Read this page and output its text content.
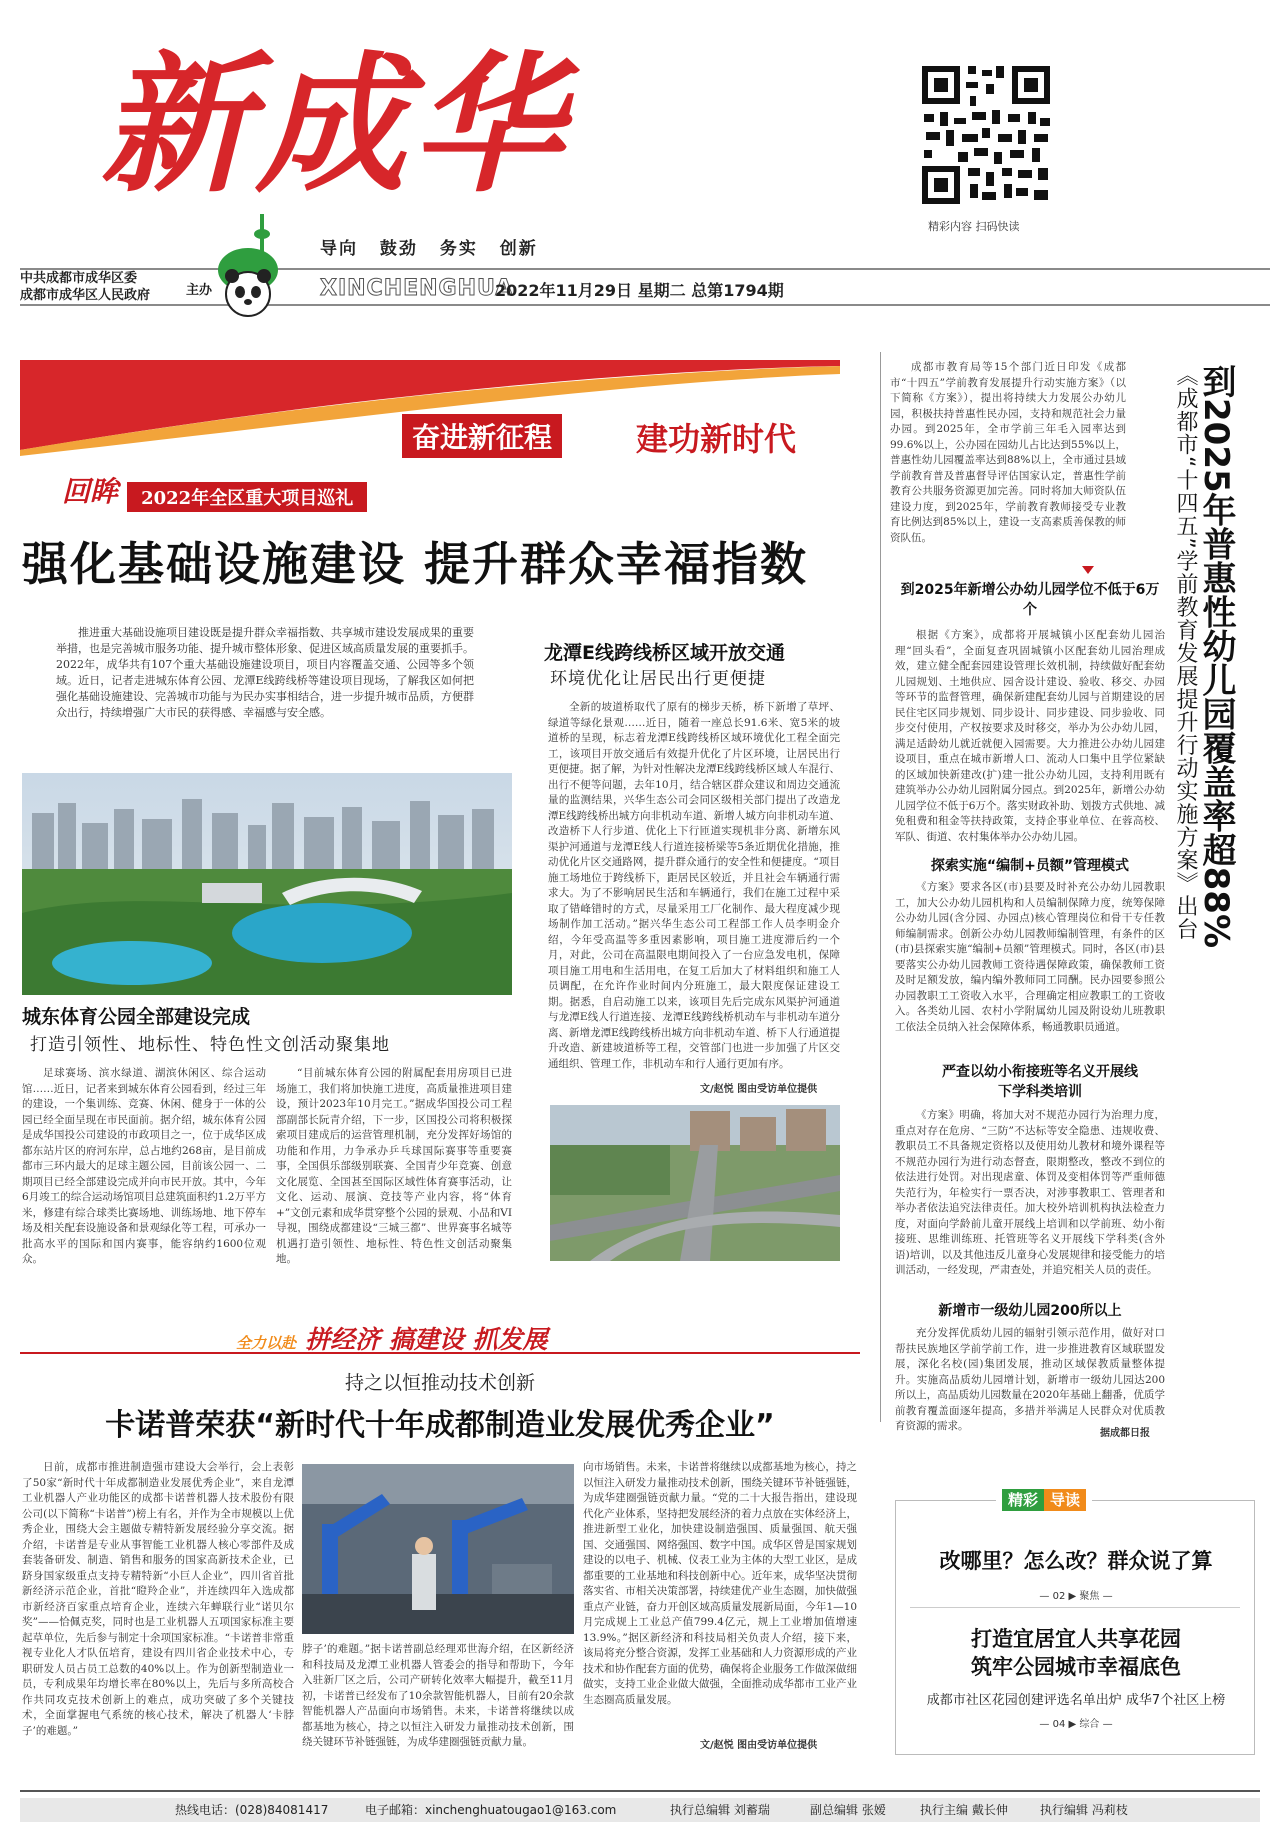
新成华
导向 鼓劲 务实 创新
精彩内容 扫码快读
中共成都市成华区委
成都市成华区人民政府	主办	XINCHENGHUA
2022年11月29日 星期二 总第1794期
奋进新征程	建功新时代
回眸 2022年全区重大项目巡礼
强化基础设施建设 提升群众幸福指数
推进重大基础设施项目建设既是提升群众幸福指数、共享城市建设发展成果的重要举措，也是完善城市服务功能、提升城市整体形象、促进区域高质量发展的重要抓手。2022年，成华共有107个重大基础设施建设项目，项目内容覆盖交通、公园等多个领域。近日，记者走进城东体育公园、龙潭E线跨线桥等建设项目现场，了解我区如何把强化基础设施建设、完善城市功能与为民办实事相结合，进一步提升城市品质，方便群众出行，持续增强广大市民的获得感、幸福感与安全感。
城东体育公园全部建设完成
打造引领性、地标性、特色性文创活动聚集地
足球赛场、滨水绿道、湖滨休闲区、综合运动馆……近日，记者来到城东体育公园看到，经过三年的建设，一个集训练、竞赛、休闲、健身于一体的公园已经全面呈现在市民面前。据介绍，城东体育公园是成华国投公司建设的市政项目之一，位于成华区成都东站片区的府河东岸，总占地约268亩，是目前成都市三环内最大的足球主题公园，目前该公园一、二期项目已经全部建设完成并向市民开放。其中，今年6月竣工的综合运动场馆项目总建筑面积约1.2万平方米，修建有综合球类比赛场地、训练场地、地下停车场及相关配套设施设备和景观绿化等工程，可承办一批高水平的国际和国内赛事，能容纳约1600位观众。
“目前城东体育公园的附属配套用房项目已进场施工，我们将加快施工进度，高质量推进项目建设，预计2023年10月完工。”据成华国投公司工程部副部长阮青介绍，下一步，区国投公司将积极探索项目建成后的运营管理机制，充分发挥好场馆的功能和作用，力争承办乒乓球国际赛事等重要赛事，全国俱乐部级别联赛、全国青少年竞赛、创意文化展览、全国甚至国际区域性体育赛事活动，让文化、运动、展演、竞技等产业内容，将“体育+”文创元素和成华贯穿整个公园的景观、小品和VI导视，围绕成都建设“三城三都”、世界赛事名城等机遇打造引领性、地标性、特色性文创活动聚集地。
龙潭E线跨线桥区域开放交通
环境优化让居民出行更便捷
全新的坡道桥取代了原有的梯步天桥，桥下新增了草坪、绿道等绿化景观……近日，随着一座总长91.6米、宽5米的坡道桥的呈现，标志着龙潭E线跨线桥区域环境优化工程全面完工，该项目开放交通后有效提升优化了片区环境，让居民出行更便捷。据了解，为针对性解决龙潭E线跨线桥区域人车混行、出行不便等问题，去年10月，结合辖区群众建议和周边交通流量的监测结果，兴华生态公司会同区级相关部门提出了改造龙潭E线跨线桥出城方向非机动车道、新增人城方向非机动车道、改造桥下人行步道、优化上下行匝道实现机非分离、新增东风渠护河通道与龙潭E线人行道连接桥梁等5条近期优化措施，推动优化片区交通路网，提升群众通行的安全性和便捷度。“项目施工场地位于跨线桥下，距居民区较近，并且社会车辆通行需求大。为了不影响居民生活和车辆通行，我们在施工过程中采取了错峰错时的方式，尽量采用工厂化制作、最大程度减少现场制作加工活动。”据兴华生态公司工程部工作人员李明金介绍，今年受高温等多重因素影响，项目施工进度滞后约一个月，对此，公司在高温限电期间投入了一台应急发电机，保障项目施工用电和生活用电，在复工后加大了材料组织和施工人员调配，在允许作业时间内分班施工，最大限度保证建设工期。据悉，自启动施工以来，该项目先后完成东风渠护河通道与龙潭E线人行道连接、龙潭E线跨线桥机动车与非机动车道分离、新增龙潭E线跨线桥出城方向非机动车道、桥下人行通道提升改造、新建坡道桥等工程，交管部门也进一步加强了片区交通组织、管理工作，非机动车和行人通行更加有序。
文/赵悦 图由受访单位提供
成都市教育局等15个部门近日印发《成都市“十四五”学前教育发展提升行动实施方案》（以下简称《方案》），提出将持续大力发展公办幼儿园，积极扶持普惠性民办园，支持和规范社会力量办园。到2025年，全市学前三年毛入园率达到99.6%以上，公办园在园幼儿占比达到55%以上，普惠性幼儿园覆盖率达到88%以上，全市通过县域学前教育普及普惠督导评估国家认定，普惠性学前教育公共服务资源更加完善。同时将加大师资队伍建设力度，到2025年，学前教育教师接受专业教育比例达到85%以上，建设一支高素质善保教的师资队伍。	《成都市“十四五”学前教育发展提升行动实施方案》出台
到2025年普惠性幼儿园覆盖率超88%
到2025年新增公办幼儿园学位不低于6万个
根据《方案》，成都将开展城镇小区配套幼儿园治理“回头看”，全面复查巩固城镇小区配套幼儿园治理成效，建立健全配套园建设管理长效机制，持续做好配套幼儿园规划、土地供应、园舍设计建设、验收、移交、办园等环节的监督管理，确保新建配套幼儿园与首期建设的居民住宅区同步规划、同步设计、同步建设、同步验收、同步交付使用，产权按要求及时移交，举办为公办幼儿园，满足适龄幼儿就近就便入园需要。大力推进公办幼儿园建设项目，重点在城市新增人口、流动人口集中且学位紧缺的区域加快新建改(扩)建一批公办幼儿园，支持利用既有建筑举办公办幼儿园附属分园点。到2025年，新增公办幼儿园学位不低于6万个。落实财政补助、划拨方式供地、减免租费和租金等扶持政策，支持企事业单位、在蓉高校、军队、街道、农村集体举办公办幼儿园。
探索实施“编制+员额”管理模式
《方案》要求各区(市)县要及时补充公办幼儿园教职工，加大公办幼儿园机构和人员编制保障力度，统筹保障公办幼儿园(含分园、办园点)核心管理岗位和骨干专任教师编制需求。创新公办幼儿园教师编制管理，有条件的区(市)县探索实施“编制+员额”管理模式。同时，各区(市)县要落实公办幼儿园教师工资待遇保障政策，确保教师工资及时足额发放，编内编外教师同工同酬。民办园要参照公办园教职工工资收入水平，合理确定相应教职工的工资收入。各类幼儿园、农村小学附属幼儿园及附设幼儿班教职工依法全员纳入社会保障体系，畅通教职员通道。
严查以幼小衔接班等名义开展线下学科类培训
《方案》明确，将加大对不规范办园行为治理力度，重点对存在危房、“三防”不达标等安全隐患、违规收费、教职员工不具备规定资格以及使用幼儿教材和境外课程等不规范办园行为进行动态督查，限期整改，整改不到位的依法进行处罚。对出现虐童、体罚及变相体罚等严重师德失范行为，年检实行一票否决，对涉事教职工、管理者和举办者依法追究法律责任。加大校外培训机构执法检查力度，对面向学龄前儿童开展线上培训和以学前班、幼小衔接班、思维训练班、托管班等名义开展线下学科类(含外语)培训，以及其他违反儿童身心发展规律和接受能力的培训活动，一经发现，严肃查处，并追究相关人员的责任。
新增市一级幼儿园200所以上
充分发挥优质幼儿园的辐射引领示范作用，做好对口帮扶民族地区学前学前工作，进一步推进教育区域联盟发展，深化名校(园)集团发展，推动区域保教质量整体提升。实施高品质幼儿园增计划，新增市一级幼儿园达200所以上，高品质幼儿园数量在2020年基础上翻番，优质学前教育覆盖面逐年提高，多措并举满足人民群众对优质教育资源的需求。
据成都日报
精彩 导读
改哪里？怎么改？群众说了算
— 02 ▶ 聚焦 —
打造宜居宜人共享花园
筑牢公园城市幸福底色
成都市社区花园创建评选名单出炉 成华7个社区上榜
— 04 ▶ 综合 —
全力以赴 拼经济 搞建设 抓发展
持之以恒推动技术创新
卡诺普荣获“新时代十年成都制造业发展优秀企业”
日前，成都市推进制造强市建设大会举行，会上表彰了50家“新时代十年成都制造业发展优秀企业”，来自龙潭工业机器人产业功能区的成都卡诺普机器人技术股份有限公司(以下简称“卡诺普”)榜上有名，并作为全市规模以上优秀企业，围绕大会主题做专精特新发展经验分享交流。据介绍，卡诺普是专业从事智能工业机器人核心零部件及成套装备研发、制造、销售和服务的国家高新技术企业，已跻身国家级重点支持专精特新“小巨人企业”，四川省首批新经济示范企业，首批“瞪羚企业”，并连续四年入选成都市新经济百家重点培育企业，连续六年蝉联行业“诺贝尔奖”——恰佩克奖，同时也是工业机器人五项国家标准主要起草单位，先后参与制定十余项国家标准。“卡诺普非常重视专业化人才队伍培育，建设有四川省企业技术中心，专职研发人员占员工总数的40%以上。作为创新型制造业一员，专利成果年均增长率在80%以上，先后与多所高校合作共同攻克技术创新上的难点，成功突破了多个关键技术，全面掌握电气系统的核心技术，解决了机器人‘卡脖子’的难题。”
脖子’的难题。”据卡诺普副总经理邓世海介绍，在区新经济和科技局及龙潭工业机器人管委会的指导和帮助下，今年入驻新厂区之后，公司产研转化效率大幅提升，截至11月初，卡诺普已经发布了10余款智能机器人，目前有20余款智能机器人产品面向市场销售。未来，卡诺普将继续以成都基地为核心，持之以恒注入研发力量推动技术创新，围绕关键环节补链强链，为成华建圈强链贡献力量。
向市场销售。未来，卡诺普将继续以成都基地为核心，持之以恒注入研发力量推动技术创新，围绕关键环节补链强链，为成华建圈强链贡献力量。“党的二十大报告指出，建设现代化产业体系，坚持把发展经济的着力点放在实体经济上，推进新型工业化，加快建设制造强国、质量强国、航天强国、交通强国、网络强国、数字中国。成华区曾是国家规划建设的以电子、机械、仪表工业为主体的大型工业区，是成都重要的工业基地和科技创新中心。近年来，成华坚决贯彻落实省、市相关决策部署，持续建优产业生态圈，加快做强重点产业链，奋力开创区域高质量发展新局面，今年1—10月完成规上工业总产值799.4亿元，规上工业增加值增速13.9%。”据区新经济和科技局相关负责人介绍，接下来，该局将充分整合资源，发挥工业基础和人力资源形成的产业技术和协作配套方面的优势，确保将企业服务工作做深做细做实，支持工业企业做大做强，全面推动成华都市工业产业生态圈高质量发展。
文/赵悦 图由受访单位提供
热线电话：(028)84081417	电子邮箱：xinchenghuatougao1@163.com	执行总编辑 刘蓄瑞	副总编辑 张嫒	执行主编 戴长伸	执行编辑 冯莉枝
